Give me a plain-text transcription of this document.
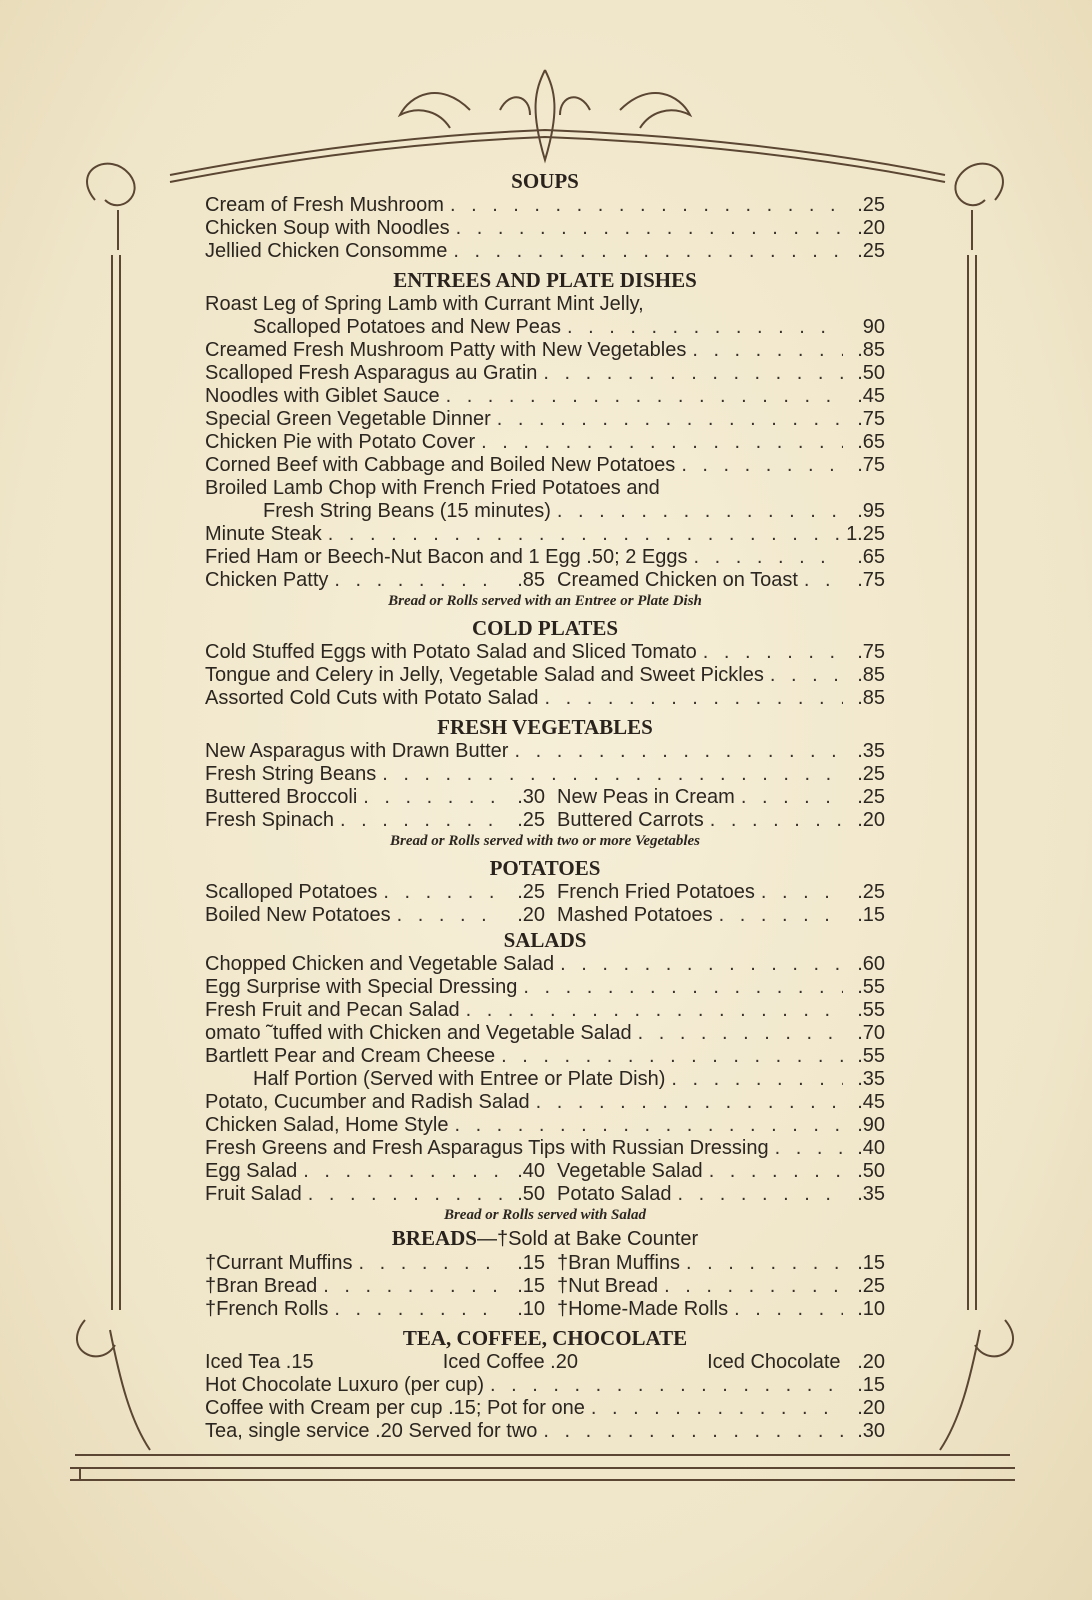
SOUPS
Cream of Fresh Mushroom . . .	.25
Chicken Soup with Noodles . . .	.20
Jellied Chicken Consomme . . .	.25
ENTREES AND PLATE DISHES
Roast Leg of Spring Lamb with Currant Mint Jelly,
Scalloped Potatoes and New Peas . . .	90
Creamed Fresh Mushroom Patty with New Vegetables . . .	.85
Scalloped Fresh Asparagus au Gratin . . .	.50
Noodles with Giblet Sauce . . .	.45
Special Green Vegetable Dinner . . .	.75
Chicken Pie with Potato Cover . . .	.65
Corned Beef with Cabbage and Boiled New Potatoes . . .	.75
Broiled Lamb Chop with French Fried Potatoes and
Fresh String Beans (15 minutes) . . .	.95
Minute Steak . . .	1.25
Fried Ham or Beech-Nut Bacon and 1 Egg .50; 2 Eggs . . .	.65
Chicken Patty . . .	.85 Creamed Chicken on Toast . . .	.75
Bread or Rolls served with an Entree or Plate Dish
COLD PLATES
Cold Stuffed Eggs with Potato Salad and Sliced Tomato . . .	.75
Tongue and Celery in Jelly, Vegetable Salad and Sweet Pickles . . .	.85
Assorted Cold Cuts with Potato Salad . . .	.85
FRESH VEGETABLES
New Asparagus with Drawn Butter . . .	.35
Fresh String Beans . . .	.25
Buttered Broccoli . . .	.30 New Peas in Cream . . .	.25
Fresh Spinach . . .	.25 Buttered Carrots . . .	.20
Bread or Rolls served with two or more Vegetables
POTATOES
Scalloped Potatoes . . .	.25 French Fried Potatoes . . .	.25
Boiled New Potatoes . . .	.20 Mashed Potatoes . . .	.15
SALADS
Chopped Chicken and Vegetable Salad . . .	.60
Egg Surprise with Special Dressing . . .	.55
Fresh Fruit and Pecan Salad . . .	.55
omato ˜tuffed with Chicken and Vegetable Salad . . .	.70
Bartlett Pear and Cream Cheese . . .	.55
Half Portion (Served with Entree or Plate Dish) . . .	.35
Potato, Cucumber and Radish Salad . . .	.45
Chicken Salad, Home Style . . .	.90
Fresh Greens and Fresh Asparagus Tips with Russian Dressing . . .	.40
Egg Salad . . .	.40 Vegetable Salad . . .	.50
Fruit Salad . . .	.50 Potato Salad . . .	.35
Bread or Rolls served with Salad
BREADS—†Sold at Bake Counter
†Currant Muffins . . .	.15 †Bran Muffins . . .	.15
†Bran Bread . . .	.15 †Nut Bread . . .	.25
†French Rolls . . .	.10 †Home-Made Rolls . . .	.10
TEA, COFFEE, CHOCOLATE
Iced Tea .15	Iced Coffee .20	Iced Chocolate .20
Hot Chocolate Luxuro (per cup) . . .	.15
Coffee with Cream per cup .15; Pot for one . . .	.20
Tea, single service .20 Served for two . . .	.30
